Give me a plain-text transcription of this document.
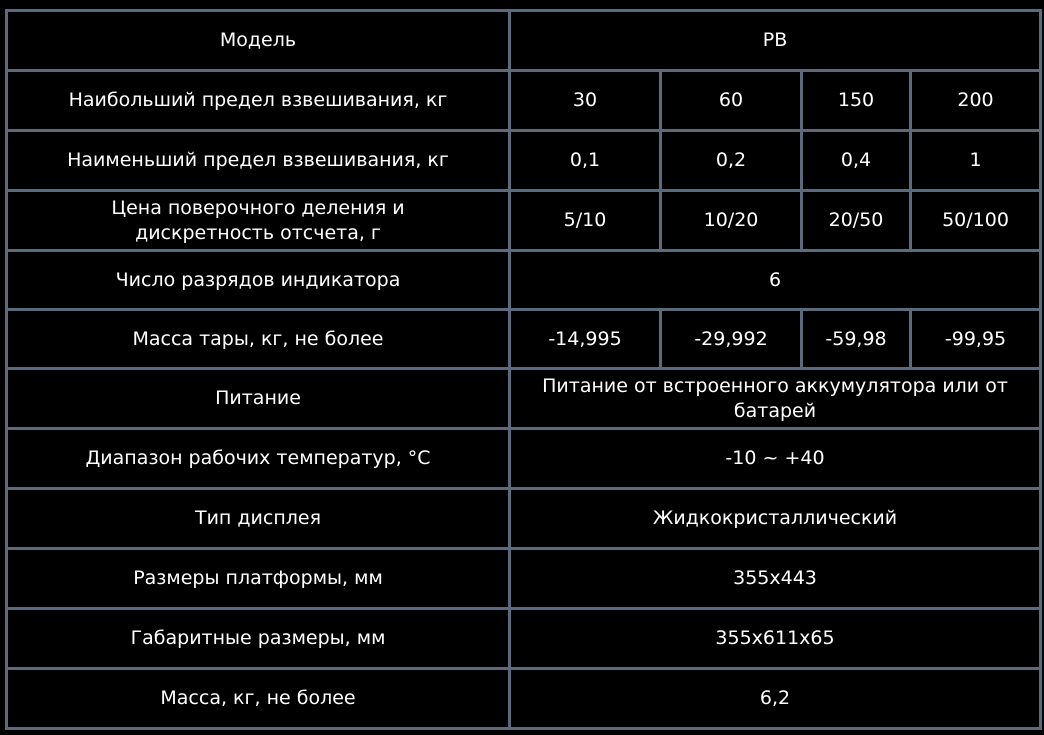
Модель	РВ			
Наибольший предел взвешивания, кг	30	60	150	200
Наименьший предел взвешивания, кг	0,1	0,2	0,4	1
Цена поверочного деления и дискретность отсчета, г	5/10	10/20	20/50	50/100
Число разрядов индикатора	6			
Масса тары, кг, не более	-14,995	-29,992	-59,98	-99,95
Питание	Питание от встроенного аккумулятора или от батарей			
Диапазон рабочих температур, °С	-10 ~ +40			
Тип дисплея	Жидкокристаллический			
Размеры платформы, мм	355x443			
Габаритные размеры, мм	355x611x65			
Масса, кг, не более	6,2			
